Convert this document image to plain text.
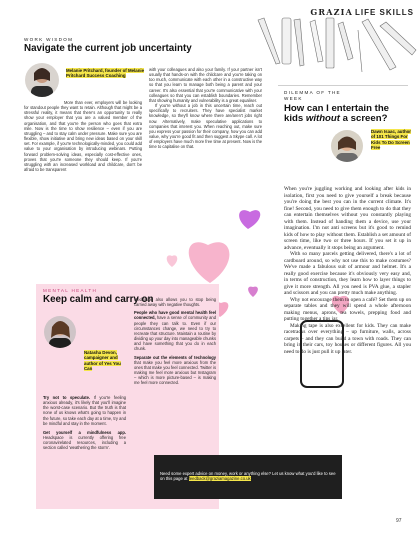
GRAZIA LIFE SKILLS
WORK WISDOM
Navigate the current job uncertainty
Melanie Pritchard, founder of Melanie Pritchard Success Coaching
More than ever, employers will be looking for standout people they want to retain. Although that might be a stressful reality, it means that there's an opportunity to really show your employer that you are a valued member of the organisation, and that you're the person who goes that extra mile. Now is the time to show resilience – even if you are struggling – and to stay calm under pressure. Make sure you are flexible, show initiative and bring new ideas based on your skill set. For example, if you're technologically-minded, you could add value to your organisation by introducing webinars. Putting forward problem-solving ideas, especially cost-effective ones, proves that you're someone they should keep. If you're struggling with an increased workload and childcare, don't be afraid to be transparent

with your colleagues and also your family. If your partner isn't usually that hands-on with the childcare and you're taking on too much, communicate with each other in a constructive way so that you learn to manage both being a parent and your career. It's also essential that you're communicative with your colleagues so that you can establish boundaries. Remember that showing humanity and vulnerability is a great equaliser.

If you're without a job in this uncertain time, reach out specifically to recruiters. They have specialist market knowledge, so they'll know where there are/aren't jobs right now. Alternatively, make speculative applications to companies that interest you. When reaching out, make sure you express your passion for their company, how you can add value, why you're good fit and then suggest a Skype call. A lot of employers have much more free time at present. Now is the time to capitalise on that.

MENTAL HEALTH
Keep calm and carry on
Natasha Devon, campaigner and author of Yes You Can

Try not to speculate. If you're feeling anxious already, it's likely that you'll imagine the worst-case scenario. But the truth is that none of us knows what's going to happen in the future, so take each day at a time, try and be mindful and stay in the moment.

Get yourself a mindfulness app. Headspace is currently offering free coronavirelated resources, including a section called 'weathering the storm'.

Meditation also allows you to stop being carried away with negative thoughts.

People who have good mental health feel connected, have a sense of community and people they can talk to. Even if our circumstances change, we need to try to recreate that structure. Maintain a routine by dividing up your day into manageable chunks and have something that you do in each chunk.

Separate out the elements of technology that make you feel more anxious from the ones that make you feel connected. Twitter is making me feel more anxious but Instagram – which is more picture-based – is making me feel more connected.

Need some expert advice on money, work or anything else? Let us know what you'd like to see on this page at feedback@graziamagazine.co.uk
DILEMMA OF THE WEEK
How can I entertain the kids without a screen?
Dawn Isaac, author of 101 Things For Kids To Do Screen Free

When you're juggling working and looking after kids in isolation, first you need to give yourself a break because you're doing the best you can in the current climate. It's fine! Second, you need to give them enough to do that they can entertain themselves without you constantly playing with them. Instead of handing them a device, use your imagination. I'm not anti screens but it's good to remind kids of how to play without them. Establish a set amount of screen time, like two or three hours. If you set it up in advance, eventually it stops being an argument.

With so many parcels getting delivered, there's a lot of cardboard around, so why not use this to make costumes? We've made a fabulous suit of armour and helmet. It's a really good exercise because it's obviously very easy and, in terms of construction, they learn how to layer things to give it more strength. All you need is PVA glue, a stapler and scissors and you can pretty much make anything.

Why not encourage them to open a café? Set them up on separate tables and they will spend a whole afternoon making menus, aprons, tea towels, prepping food and putting together a tips jar.

Making tape is also excellent for kids. They can make racetracks over everything – up furniture, walls, across carpets – and they can build a town with roads. They can bring in their cars, toy houses or different figures. All you need to do is just pull it up later.

97
